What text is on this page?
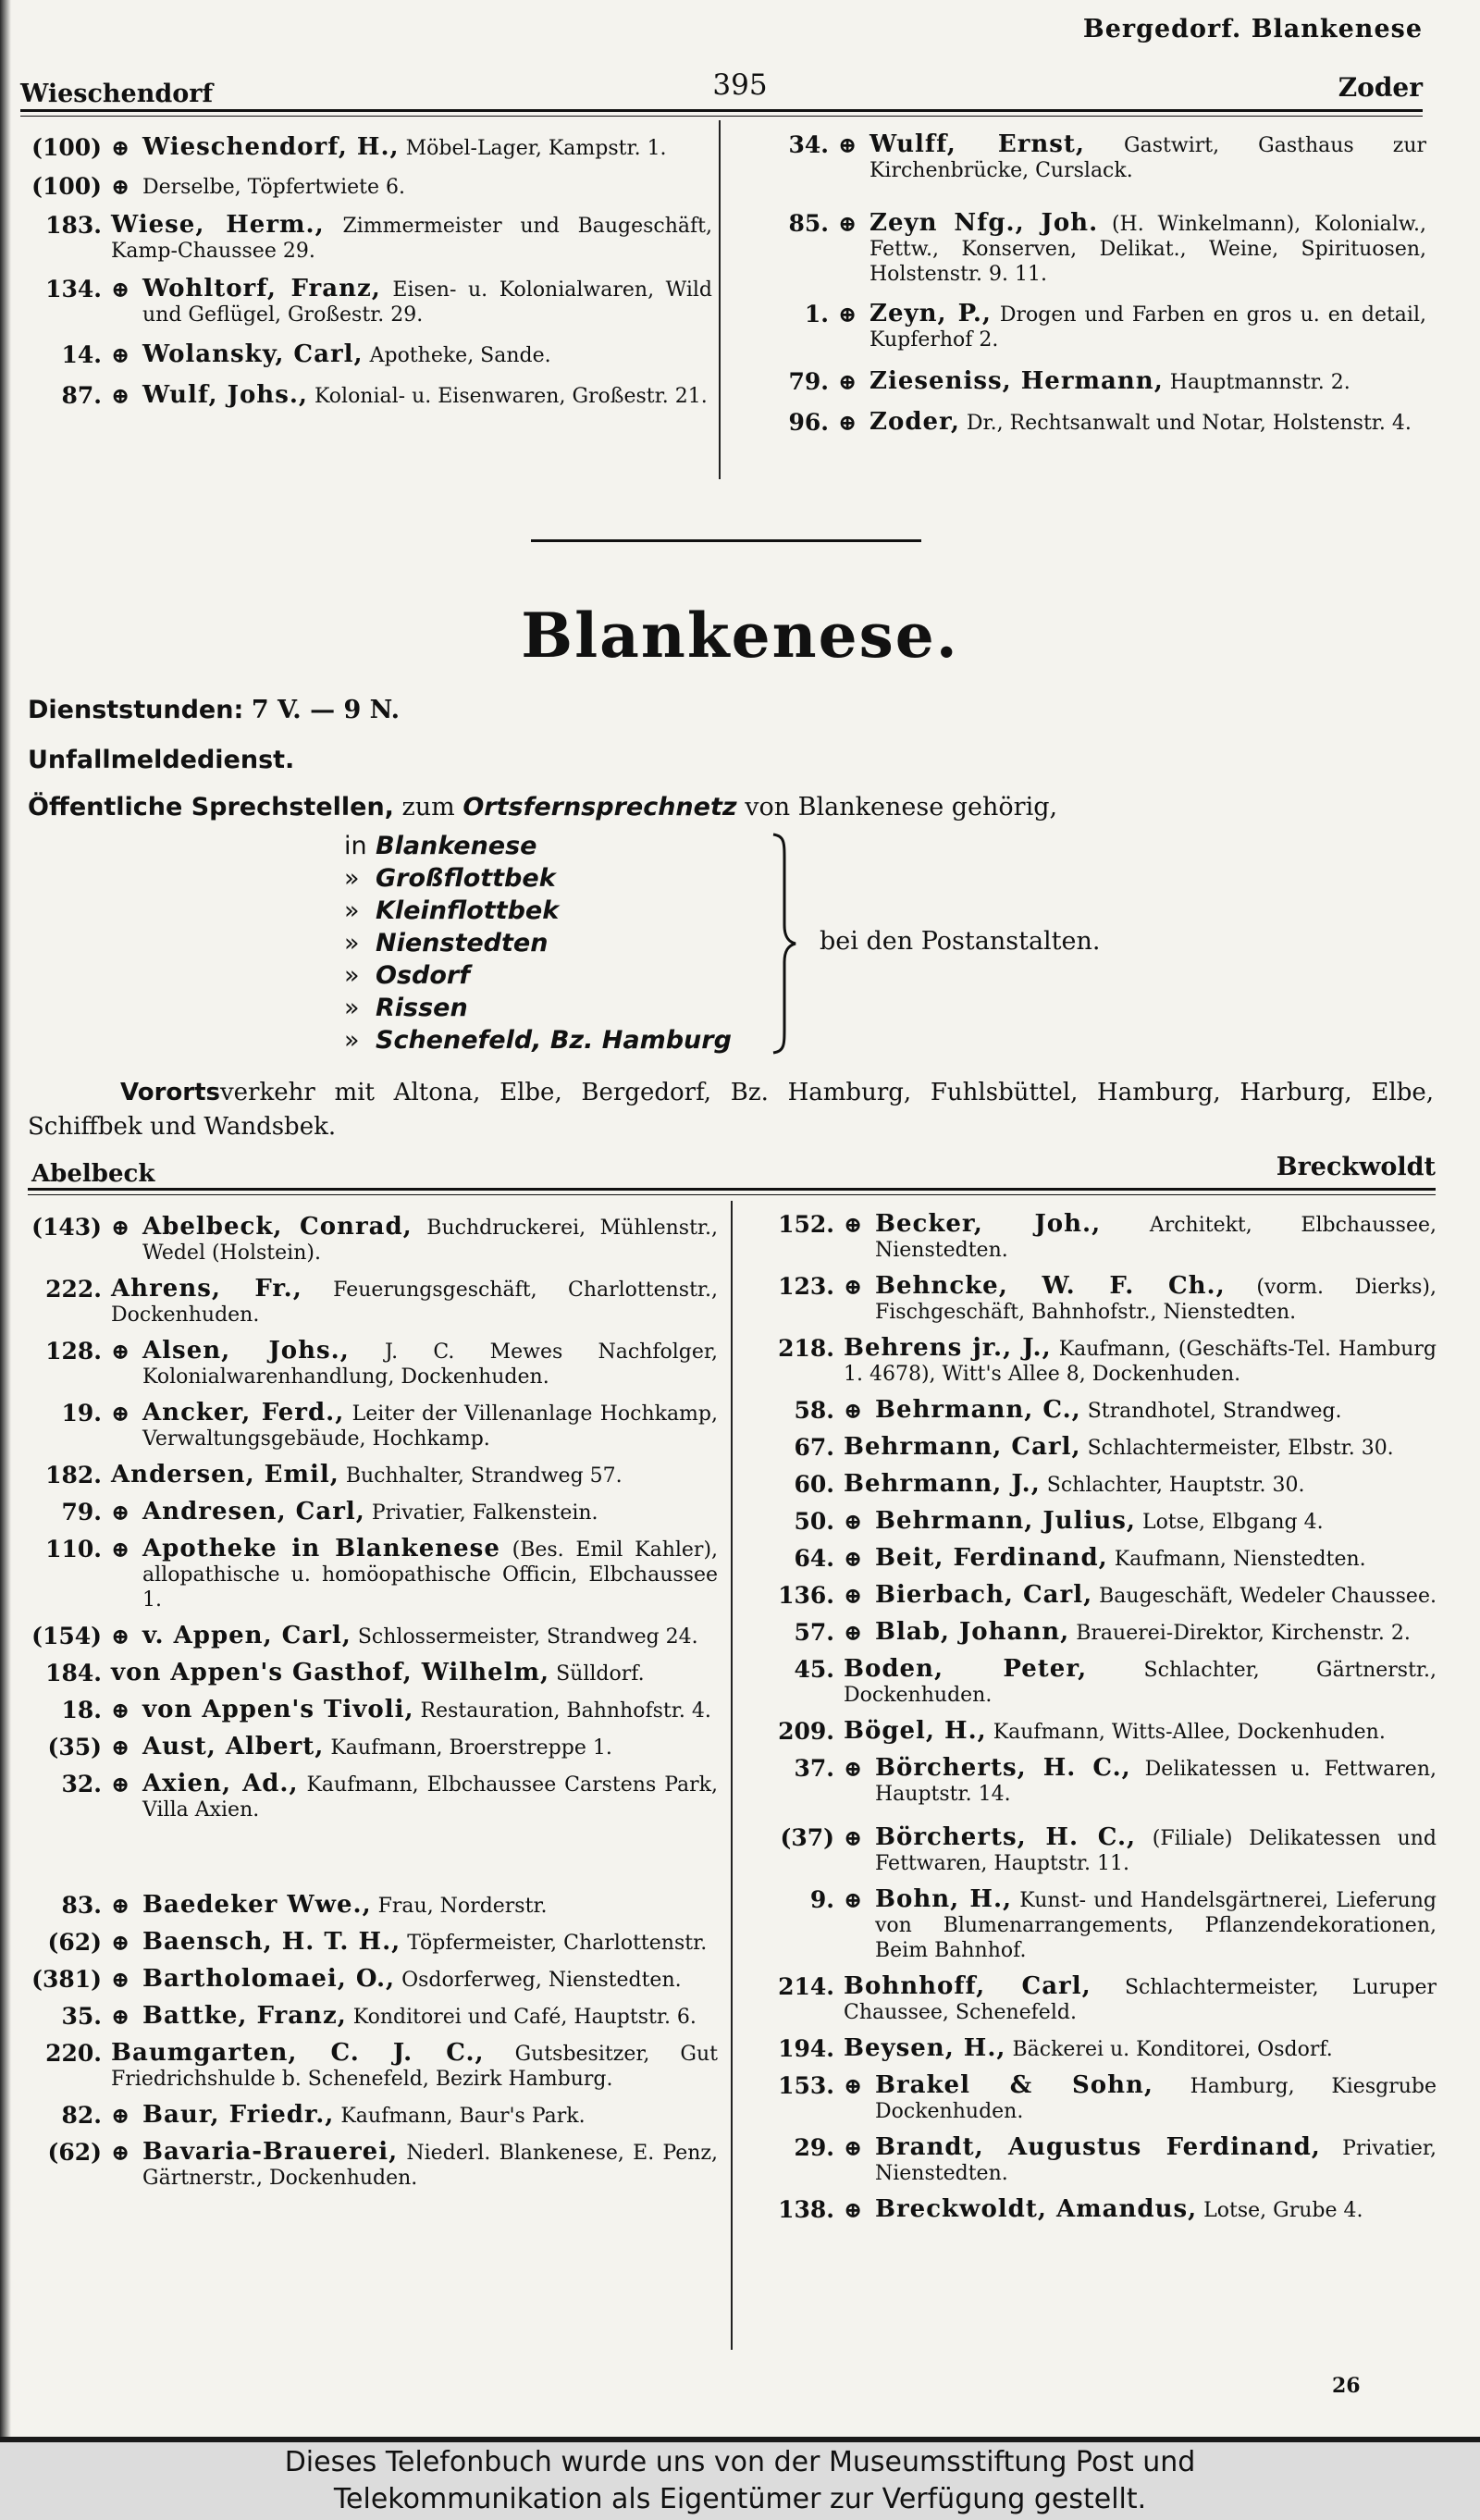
Bergedorf. Blankenese
Wieschendorf	395	Zoder
(100) ⊕ Wieschendorf, H., Möbel-Lager, Kampstr. 1.
(100) ⊕ Derselbe, Töpfertwiete 6.
183. Wiese, Herm., Zimmermeister und Baugeschäft, Kamp-Chaussee 29.
134. ⊕ Wohltorf, Franz, Eisen- u. Kolonialwaren, Wild und Geflügel, Großestr. 29.
14. ⊕ Wolansky, Carl, Apotheke, Sande.
87. ⊕ Wulf, Johs., Kolonial- u. Eisenwaren, Großestr. 21.
34. ⊕ Wulff, Ernst, Gastwirt, Gasthaus zur Kirchenbrücke, Curslack.
85. ⊕ Zeyn Nfg., Joh. (H. Winkelmann), Kolonialw., Fettw., Konserven, Delikat., Weine, Spirituosen, Holstenstr. 9. 11.
1. ⊕ Zeyn, P., Drogen und Farben en gros u. en detail, Kupferhof 2.
79. ⊕ Zieseniss, Hermann, Hauptmannstr. 2.
96. ⊕ Zoder, Dr., Rechtsanwalt und Notar, Holstenstr. 4.
Blankenese.
Dienststunden: 7 V. — 9 N.
Unfallmeldedienst.
Öffentliche Sprechstellen, zum Ortsfernsprechnetz von Blankenese gehörig,
in Blankenese
» Großflottbek
» Kleinflottbek
» Nienstedten
» Osdorf
» Rissen
» Schenefeld, Bz. Hamburg
bei den Postanstalten.
Vorortsverkehr mit Altona, Elbe, Bergedorf, Bz. Hamburg, Fuhlsbüttel, Hamburg, Harburg, Elbe, Schiffbek und Wandsbek.
Abelbeck	Breckwoldt
(143) ⊕ Abelbeck, Conrad, Buchdruckerei, Mühlenstr., Wedel (Holstein).
222. Ahrens, Fr., Feuerungsgeschäft, Charlottenstr., Dockenhuden.
128. ⊕ Alsen, Johs., J. C. Mewes Nachfolger, Kolonialwarenhandlung, Dockenhuden.
19. ⊕ Ancker, Ferd., Leiter der Villenanlage Hochkamp, Verwaltungsgebäude, Hochkamp.
182. Andersen, Emil, Buchhalter, Strandweg 57.
79. ⊕ Andresen, Carl, Privatier, Falkenstein.
110. ⊕ Apotheke in Blankenese (Bes. Emil Kahler), allopathische u. homöopathische Officin, Elbchaussee 1.
(154) ⊕ v. Appen, Carl, Schlossermeister, Strandweg 24.
184. von Appen's Gasthof, Wilhelm, Sülldorf.
18. ⊕ von Appen's Tivoli, Restauration, Bahnhofstr. 4.
(35) ⊕ Aust, Albert, Kaufmann, Broerstreppe 1.
32. ⊕ Axien, Ad., Kaufmann, Elbchaussee Carstens Park, Villa Axien.
83. ⊕ Baedeker Wwe., Frau, Norderstr.
(62) ⊕ Baensch, H. T. H., Töpfermeister, Charlottenstr.
(381) ⊕ Bartholomaei, O., Osdorferweg, Nienstedten.
35. ⊕ Battke, Franz, Konditorei und Café, Hauptstr. 6.
220. Baumgarten, C. J. C., Gutsbesitzer, Gut Friedrichshulde b. Schenefeld, Bezirk Hamburg.
82. ⊕ Baur, Friedr., Kaufmann, Baur's Park.
(62) ⊕ Bavaria-Brauerei, Niederl. Blankenese, E. Penz, Gärtnerstr., Dockenhuden.
152. ⊕ Becker, Joh., Architekt, Elbchaussee, Nienstedten.
123. ⊕ Behncke, W. F. Ch., (vorm. Dierks), Fischgeschäft, Bahnhofstr., Nienstedten.
218. Behrens jr., J., Kaufmann, (Geschäfts-Tel. Hamburg 1. 4678), Witt's Allee 8, Dockenhuden.
58. ⊕ Behrmann, C., Strandhotel, Strandweg.
67. Behrmann, Carl, Schlachtermeister, Elbstr. 30.
60. Behrmann, J., Schlachter, Hauptstr. 30.
50. ⊕ Behrmann, Julius, Lotse, Elbgang 4.
64. ⊕ Beit, Ferdinand, Kaufmann, Nienstedten.
136. ⊕ Bierbach, Carl, Baugeschäft, Wedeler Chaussee.
57. ⊕ Blab, Johann, Brauerei-Direktor, Kirchenstr. 2.
45. Boden, Peter,	Schlachter, Gärtnerstr., Dockenhuden.
209. Bögel, H., Kaufmann, Witts-Allee, Dockenhuden.
37. ⊕ Börcherts, H. C., Delikatessen u. Fettwaren, Hauptstr. 14.
(37) ⊕ Börcherts, H. C., (Filiale) Delikatessen und Fettwaren, Hauptstr. 11.
9. ⊕ Bohn, H., Kunst- und Handelsgärtnerei, Lieferung von Blumenarrangements, Pflanzendekorationen, Beim Bahnhof.
214. Bohnhoff, Carl, Schlachtermeister, Luruper Chaussee, Schenefeld.
194. Beysen, H., Bäckerei u. Konditorei, Osdorf.
153. ⊕ Brakel & Sohn, Hamburg, Kiesgrube Dockenhuden.
29. ⊕ Brandt, Augustus Ferdinand, Privatier, Nienstedten.
138. ⊕ Breckwoldt, Amandus, Lotse, Grube 4.
26
Dieses Telefonbuch wurde uns von der Museumsstiftung Post und
Telekommunikation als Eigentümer zur Verfügung gestellt.
